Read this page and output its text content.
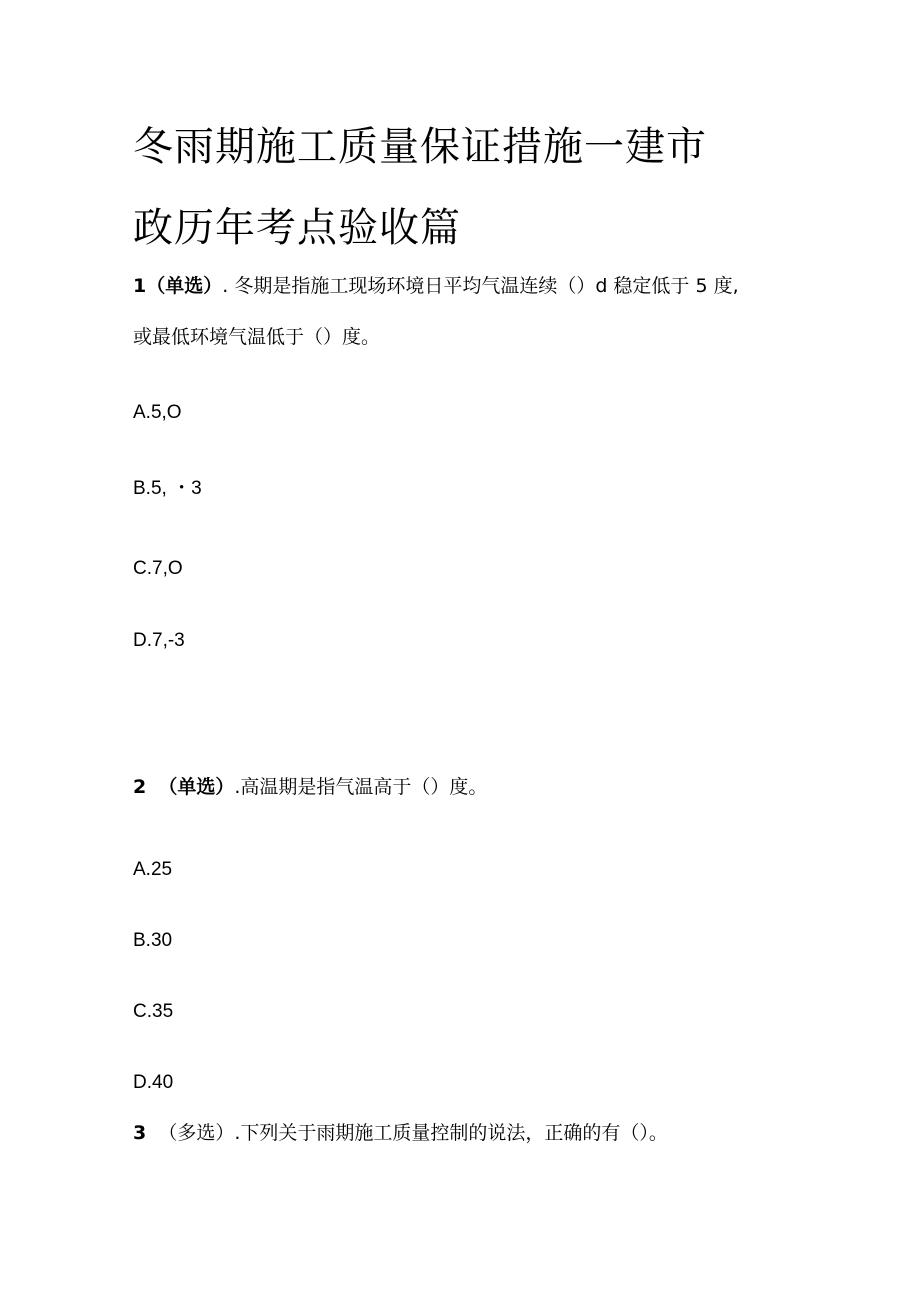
冬雨期施工质量保证措施一建市
政历年考点验收篇
1（单选）. 冬期是指施工现场环境日平均气温连续（）d 稳定低于 5 度,
或最低环境气温低于（）度。
A.5,O
B.5, ・3
C.7,O
D.7,-3
2 （单选）.高温期是指气温高于（）度。
A.25
B.30
C.35
D.40
3 （多选）.下列关于雨期施工质量控制的说法，正确的有（）。
